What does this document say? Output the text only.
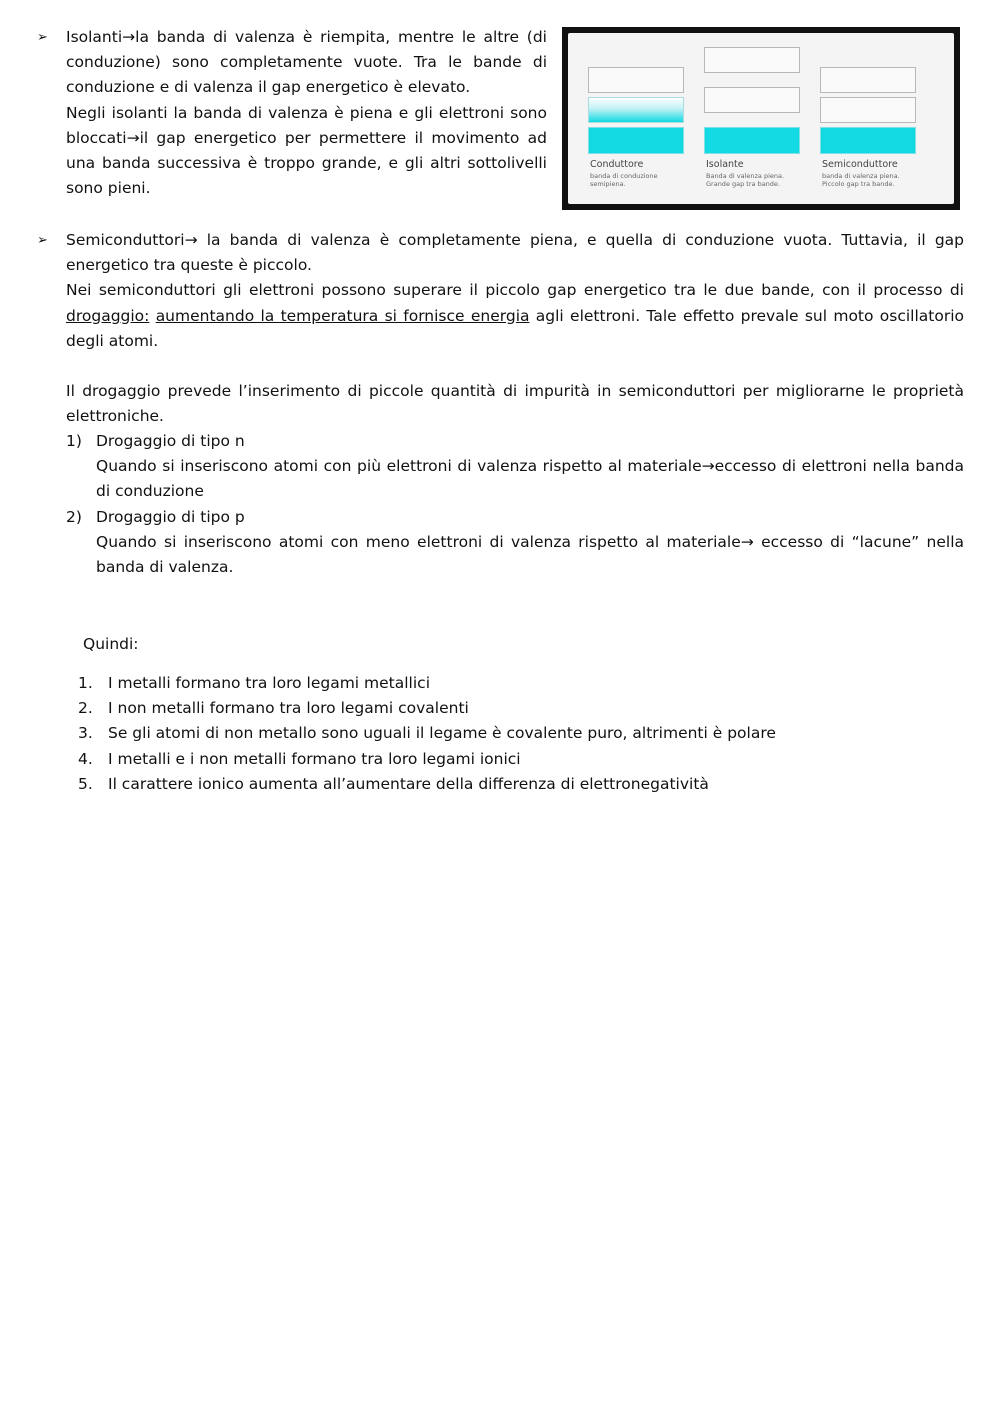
➢ Isolanti→la banda di valenza è riempita, mentre le altre (di conduzione) sono completamente vuote. Tra le bande di conduzione e di valenza il gap energetico è elevato.

Negli isolanti la banda di valenza è piena e gli elettroni sono bloccati→il gap energetico per permettere il movimento ad una banda successiva è troppo grande, e gli altri sottolivelli sono pieni.

Conduttore
banda di conduzione semipiena.
Isolante
Banda di valenza piena. Grande gap tra bande.
Semiconduttore
banda di valenza piena. Piccolo gap tra bande.
➢ Semiconduttori→ la banda di valenza è completamente piena, e quella di conduzione vuota. Tuttavia, il gap energetico tra queste è piccolo.

Nei semiconduttori gli elettroni possono superare il piccolo gap energetico tra le due bande, con il processo di drogaggio: aumentando la temperatura si fornisce energia agli elettroni. Tale effetto prevale sul moto oscillatorio degli atomi.

Il drogaggio prevede l’inserimento di piccole quantità di impurità in semiconduttori per migliorarne le proprietà elettroniche.

1) Drogaggio di tipo n

Quando si inseriscono atomi con più elettroni di valenza rispetto al materiale→eccesso di elettroni nella banda di conduzione

2) Drogaggio di tipo p

Quando si inseriscono atomi con meno elettroni di valenza rispetto al materiale→ eccesso di “lacune” nella banda di valenza.

Quindi:
1. I metalli formano tra loro legami metallici
2. I non metalli formano tra loro legami covalenti
3. Se gli atomi di non metallo sono uguali il legame è covalente puro, altrimenti è polare
4. I metalli e i non metalli formano tra loro legami ionici
5. Il carattere ionico aumenta all’aumentare della differenza di elettronegatività
